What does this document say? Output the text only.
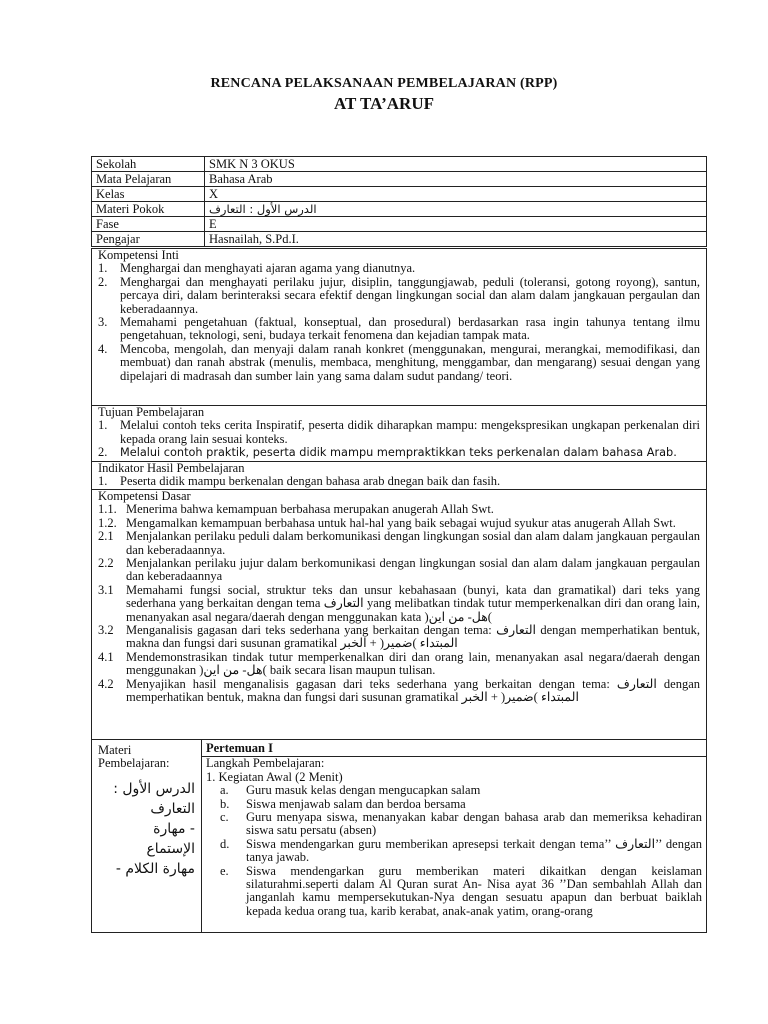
RENCANA PELAKSANAAN PEMBELAJARAN (RPP)
AT TA’ARUF
Sekolah	SMK N 3 OKUS
Mata Pelajaran	Bahasa Arab
Kelas	X
Materi Pokok	الدرس الأول : التعارف
Fase	E
Pengajar	Hasnailah, S.Pd.I.
Kompetensi Inti
1.	Menghargai dan menghayati ajaran agama yang dianutnya.
2.	Menghargai dan menghayati perilaku jujur, disiplin, tanggungjawab, peduli (toleransi, gotong royong), santun, percaya diri, dalam berinteraksi secara efektif dengan lingkungan social dan alam dalam jangkauan pergaulan dan keberadaannya.
3.	Memahami pengetahuan (faktual, konseptual, dan prosedural) berdasarkan rasa ingin tahunya tentang ilmu pengetahuan, teknologi, seni, budaya terkait fenomena dan kejadian tampak mata.
4.	Mencoba, mengolah, dan menyaji dalam ranah konkret (menggunakan, mengurai, merangkai, memodifikasi, dan membuat) dan ranah abstrak (menulis, membaca, menghitung, menggambar, dan mengarang) sesuai dengan yang dipelajari di madrasah dan sumber lain yang sama dalam sudut pandang/ teori.
Tujuan Pembelajaran
1.	Melalui contoh teks cerita Inspiratif, peserta didik diharapkan mampu: mengekspresikan ungkapan perkenalan diri kepada orang lain sesuai konteks.
2.	Melalui contoh praktik, peserta didik mampu mempraktikkan teks perkenalan dalam bahasa Arab.
Indikator Hasil Pembelajaran
1.	Peserta didik mampu berkenalan dengan bahasa arab dnegan baik dan fasih.
Kompetensi Dasar
1.1. Menerima bahwa kemampuan berbahasa merupakan anugerah Allah Swt.
1.2. Mengamalkan kemampuan berbahasa untuk hal-hal yang baik sebagai wujud syukur atas anugerah Allah Swt.
2.1 Menjalankan perilaku peduli dalam berkomunikasi dengan lingkungan sosial dan alam dalam jangkauan pergaulan dan keberadaannya.
2.2 Menjalankan perilaku jujur dalam berkomunikasi dengan lingkungan sosial dan alam dalam jangkauan pergaulan dan keberadaannya
3.1 Memahami fungsi social, struktur teks dan unsur kebahasaan (bunyi, kata dan gramatikal) dari teks yang sederhana yang berkaitan dengan tema التعارف yang melibatkan tindak tutur memperkenalkan diri dan orang lain, menanyakan asal negara/daerah dengan menggunakan kata )هل- من اين(
3.2 Menganalisis gagasan dari teks sederhana yang berkaitan dengan tema: التعارف dengan memperhatikan bentuk, makna dan fungsi dari susunan gramatikal المبتداء )ضمير( + الخبر
4.1 Mendemonstrasikan tindak tutur memperkenalkan diri dan orang lain, menanyakan asal negara/daerah dengan menggunakan )هل- من اين( baik secara lisan maupun tulisan.
4.2 Menyajikan hasil menganalisis gagasan dari teks sederhana yang berkaitan dengan tema: التعارف dengan memperhatikan bentuk, makna dan fungsi dari susunan gramatikal المبتداء )ضمير( + الخبر
Materi Pembelajaran:
الدرس الأول :
التعارف
- مهارة
الإستماع
مهارة الكلام -
Pertemuan I
Langkah Pembelajaran:
1. Kegiatan Awal (2 Menit)
a.	Guru masuk kelas dengan mengucapkan salam
b.	Siswa menjawab salam dan berdoa bersama
c.	Guru menyapa siswa, menanyakan kabar dengan bahasa arab dan memeriksa kehadiran siswa satu persatu (absen)
d.	Siswa mendengarkan guru memberikan apresepsi terkait dengan tema’’ التعارف’’ dengan tanya jawab.
e.	Siswa mendengarkan guru memberikan materi dikaitkan dengan keislaman silaturahmi.seperti dalam Al Quran surat An- Nisa ayat 36 ’’Dan sembahlah Allah dan janganlah kamu mempersekutukan-Nya dengan sesuatu apapun dan berbuat baiklah kepada kedua orang tua, karib kerabat, anak-anak yatim, orang-orang
